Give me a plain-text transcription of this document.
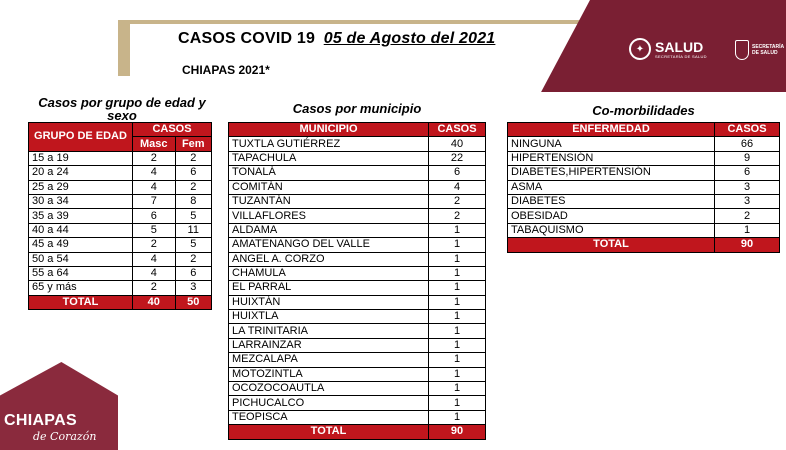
CASOS COVID 19 05 de Agosto del 2021
CHIAPAS 2021*
✦ SALUD
SECRETARÍA DE SALUD
SECRETARÍA DE SALUD
CHIAPAS
de Corazón
Casos por grupo de edad y sexo	Casos por municipio	Co-morbilidades
GRUPO DE EDAD	CASOS	
	Masc	Fem
15 a 19	2	2
20 a 24	4	6
25 a 29	4	2
30 a 34	7	8
35 a 39	6	5
40 a 44	5	11
45 a 49	2	5
50 a 54	4	2
55 a 64	4	6
65 y más	2	3
TOTAL	40	50
MUNICIPIO	CASOS
TUXTLA GUTIÉRREZ	40
TAPACHULA	22
TONALÁ	6
COMITÁN	4
TUZANTÁN	2
VILLAFLORES	2
ALDAMA	1
AMATENANGO DEL VALLE	1
ANGEL A. CORZO	1
CHAMULA	1
EL PARRAL	1
HUIXTÁN	1
HUIXTLA	1
LA TRINITARIA	1
LARRAINZAR	1
MEZCALAPA	1
MOTOZINTLA	1
OCOZOCOAUTLA	1
PICHUCALCO	1
TEOPISCA	1
TOTAL	90
ENFERMEDAD	CASOS
NINGUNA	66
HIPERTENSIÓN	9
DIABETES,HIPERTENSIÓN	6
ASMA	3
DIABETES	3
OBESIDAD	2
TABAQUISMO	1
TOTAL	90
